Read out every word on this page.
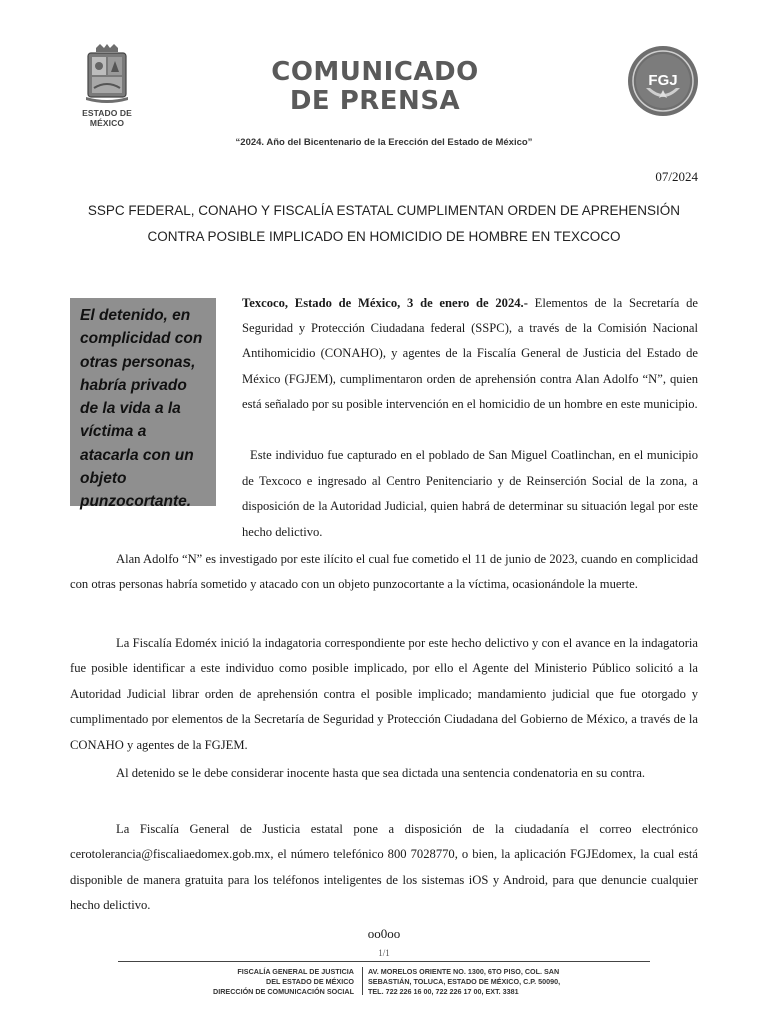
ESTADO DE MÉXICO
COMUNICADO
DE PRENSA
FGJ
“2024. Año del Bicentenario de la Erección del Estado de México”
07/2024
SSPC FEDERAL, CONAHO Y FISCALÍA ESTATAL CUMPLIMENTAN ORDEN DE APREHENSIÓN
CONTRA POSIBLE IMPLICADO EN HOMICIDIO DE HOMBRE EN TEXCOCO
El detenido, en complicidad con otras personas, habría privado de la vida a la víctima a atacarla con un objeto punzocortante.
Texcoco, Estado de México, 3 de enero de 2024.- Elementos de la Secretaría de Seguridad y Protección Ciudadana federal (SSPC), a través de la Comisión Nacional Antihomicidio (CONAHO), y agentes de la Fiscalía General de Justicia del Estado de México (FGJEM), cumplimentaron orden de aprehensión contra Alan Adolfo “N”, quien está señalado por su posible intervención en el homicidio de un hombre en este municipio.
Este individuo fue capturado en el poblado de San Miguel Coatlinchan, en el municipio de Texcoco e ingresado al Centro Penitenciario y de Reinserción Social de la zona, a disposición de la Autoridad Judicial, quien habrá de determinar su situación legal por este hecho delictivo.
Alan Adolfo “N” es investigado por este ilícito el cual fue cometido el 11 de junio de 2023, cuando en complicidad con otras personas habría sometido y atacado con un objeto punzocortante a la víctima, ocasionándole la muerte.
La Fiscalía Edoméx inició la indagatoria correspondiente por este hecho delictivo y con el avance en la indagatoria fue posible identificar a este individuo como posible implicado, por ello el Agente del Ministerio Público solicitó a la Autoridad Judicial librar orden de aprehensión contra el posible implicado; mandamiento judicial que fue otorgado y cumplimentado por elementos de la Secretaría de Seguridad y Protección Ciudadana del Gobierno de México, a través de la CONAHO y agentes de la FGJEM.
Al detenido se le debe considerar inocente hasta que sea dictada una sentencia condenatoria en su contra.
La Fiscalía General de Justicia estatal pone a disposición de la ciudadanía el correo electrónico cerotolerancia@fiscaliaedomex.gob.mx, el número telefónico 800 7028770, o bien, la aplicación FGJEdomex, la cual está disponible de manera gratuita para los teléfonos inteligentes de los sistemas iOS y Android, para que denuncie cualquier hecho delictivo.
oo0oo
1/1
FISCALÍA GENERAL DE JUSTICIA
DEL ESTADO DE MÉXICO
DIRECCIÓN DE COMUNICACIÓN SOCIAL
AV. MORELOS ORIENTE NO. 1300, 6TO PISO, COL. SAN
SEBASTIÁN, TOLUCA, ESTADO DE MÉXICO, C.P. 50090,
TEL. 722 226 16 00, 722 226 17 00, EXT. 3381
